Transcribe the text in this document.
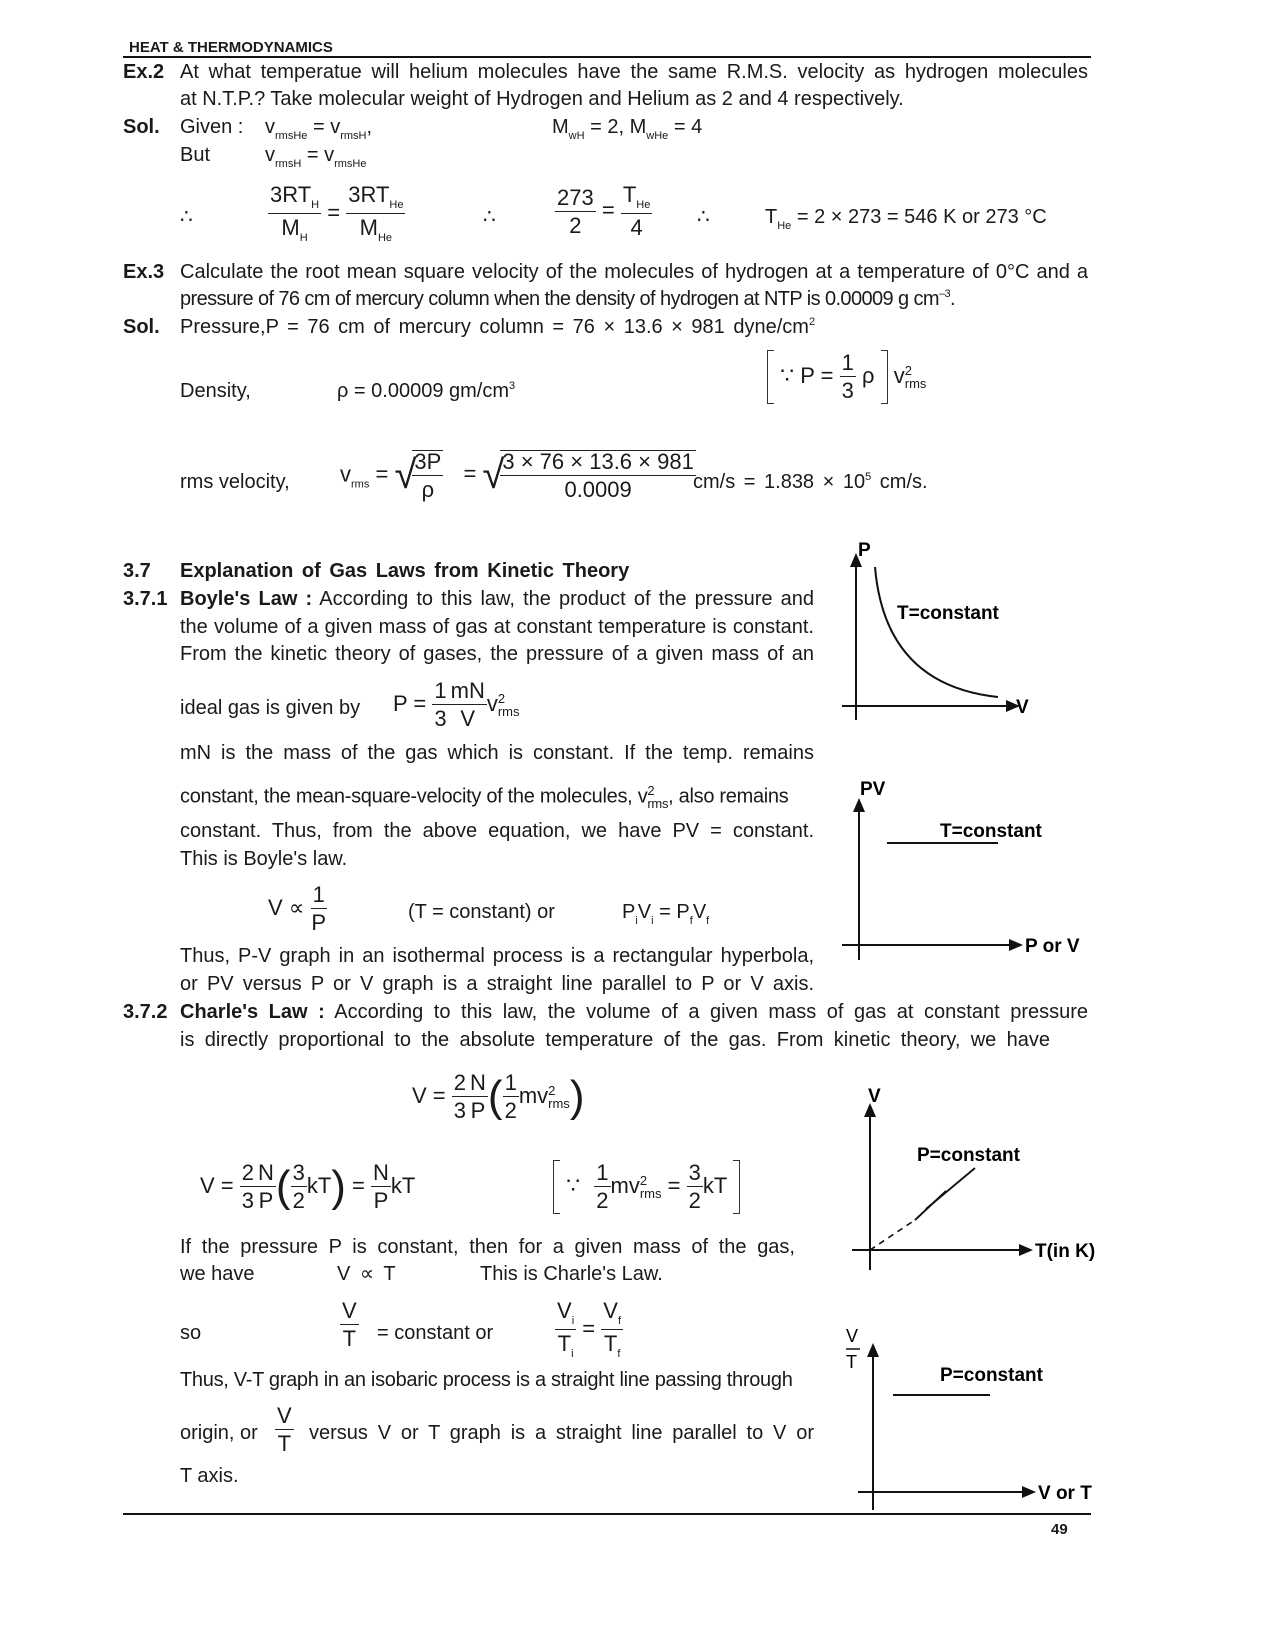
HEAT & THERMODYNAMICS
Ex.2 At what temperatue will helium molecules have the same R.M.S. velocity as hydrogen molecules
at N.T.P.? Take molecular weight of Hydrogen and Helium as 2 and 4 respectively.
Sol. Given : $v_{rmsHe} = v_{rmsH}$,	$M_{wH} = 2$, $M_{wHe} = 4$
But	$v_{rmsH} = v_{rmsHe}$
∴	$\frac{3RT_H}{M_H} = \frac{3RT_{He}}{M_{He}}$	∴	$\frac{273}{2} = \frac{T_{He}}{4}$ ∴	$T_{He} = 2 \times 273 = 546$ K or 273 °C
Ex.3 Calculate the root mean square velocity of the molecules of hydrogen at a temperature of 0°C and a
pressure of 76 cm of mercury column when the density of hydrogen at NTP is 0.00009 g $cm^{-3}$.
Sol. Pressure,P = 76 cm of mercury column = 76 × 13.6 × 981 dyne/$cm^2$
Density,	ρ = 0.00009 $gm/cm^3$	∵ $P = \frac{1}{3}$ ρ v 2
rms
rms velocity, $v_{rms}$ = √
$\frac{3P}{\rho}$ = √
$\frac{3 \times 76 \times 13.6 \times 981}{0.0009}$
$cm/s = 1.838 \times 10^5$ cm/s.
3.7 Explanation of Gas Laws from Kinetic Theory
3.7.1 Boyle's Law : According to this law, the product of the pressure and
the volume of a given mass of gas at constant temperature is constant.
From the kinetic theory of gases, the pressure of a given mass of an
ideal gas is given by $P = \frac{1}{3} \frac{mN}{V}$ v 2
rms
mN is the mass of the gas which is constant. If the temp. remains
constant, the mean-square-velocity of the molecules, v 2
rms , also remains
constant. Thus, from the above equation, we have PV = constant.
This is Boyle's law.
$V \propto \frac{1}{P}$	(T = constant) or	$P_iV_i = P_fV_f$
Thus, P-V graph in an isothermal process is a rectangular hyperbola,
or PV versus P or V graph is a straight line parallel to P or V axis.
3.7.2 Charle's Law : According to this law, the volume of a given mass of gas at constant pressure
is directly proportional to the absolute temperature of the gas. From kinetic theory, we have
$V = \frac{2}{3} \frac{N}{P}$ ( $\frac{1}{2}$ mv 2
rms )
$V = \frac{2}{3} \frac{N}{P}$ ( $\frac{3}{2} kT) = \frac{N}{P}$ kT	∵ $\frac{1}{2}$ mv 2
rms = $\frac{3}{2}$ kT
If the pressure P is constant, then for a given mass of the gas,
we have	V ∝ T	This is Charle's Law.
so	$\frac{V}{T}$ = constant or	$\frac{V_i}{T_i} = \frac{V_f}{T_f}$
Thus, V-T graph in an isobaric process is a straight line passing through
origin, or $\frac{V}{T}$ versus V or T graph is a straight line parallel to V or
T axis.
P
V
T=constant
PV
P or V
T=constant
V
T(in K)
P=constant
V
T
V or T
P=constant
49
